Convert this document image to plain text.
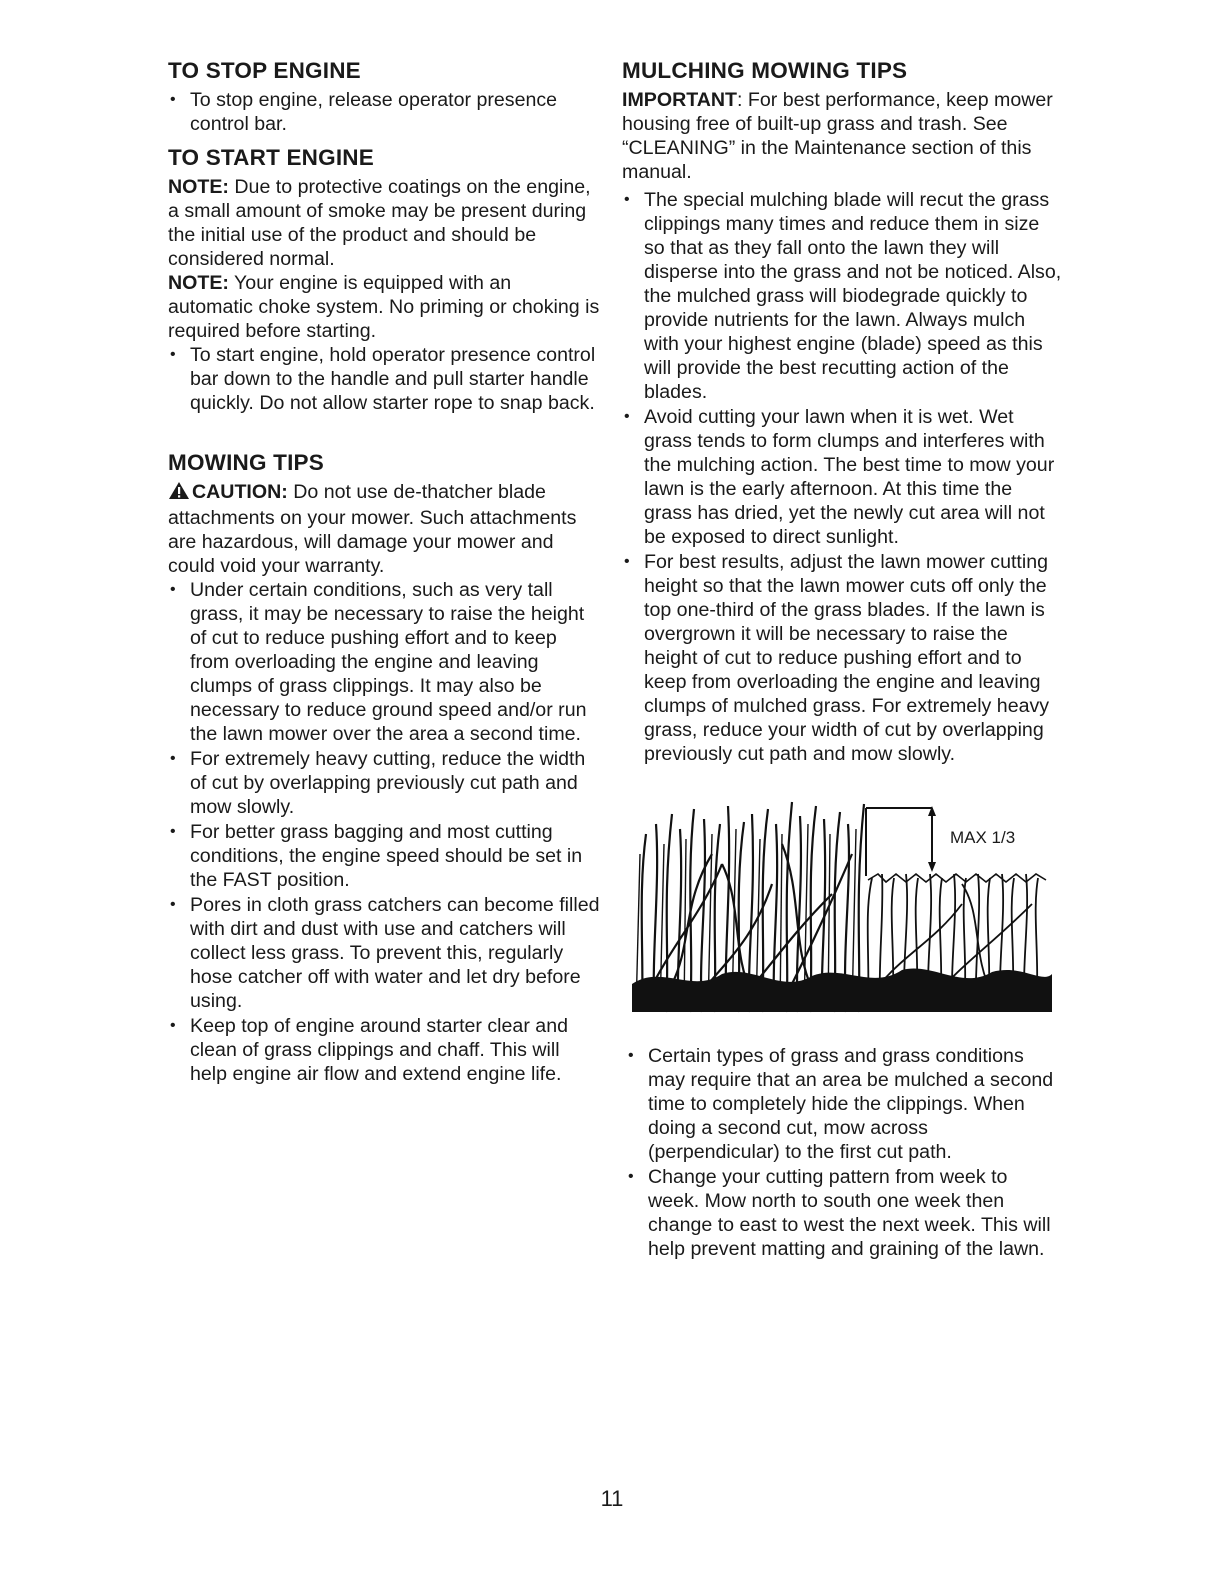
TO STOP ENGINE
• To stop engine, release operator presence control bar.
TO START ENGINE

NOTE: Due to protective coatings on the engine, a small amount of smoke may be present during the initial use of the product and should be considered normal.

NOTE: Your engine is equipped with an automatic choke system. No priming or choking is required before starting.

• To start engine, hold operator presence control bar down to the handle and pull starter handle quickly. Do not allow starter rope to snap back.
MOWING TIPS

CAUTION: Do not use de-thatcher blade attachments on your mower. Such attachments are hazardous, will damage your mower and could void your warranty.

• Under certain conditions, such as very tall grass, it may be necessary to raise the height of cut to reduce pushing effort and to keep from overloading the engine and leaving clumps of grass clippings. It may also be necessary to reduce ground speed and/or run the lawn mower over the area a second time.
• For extremely heavy cutting, reduce the width of cut by overlapping previously cut path and mow slowly.
• For better grass bagging and most cutting conditions, the engine speed should be set in the FAST position.
• Pores in cloth grass catchers can become filled with dirt and dust with use and catchers will collect less grass. To prevent this, regularly hose catcher off with water and let dry before using.
• Keep top of engine around starter clear and clean of grass clippings and chaff. This will help engine air flow and extend engine life.
MULCHING MOWING TIPS

IMPORTANT: For best performance, keep mower housing free of built-up grass and trash. See “CLEANING” in the Maintenance section of this manual.

• The special mulching blade will recut the grass clippings many times and reduce them in size so that as they fall onto the lawn they will disperse into the grass and not be noticed. Also, the mulched grass will biodegrade quickly to provide nutrients for the lawn. Always mulch with your highest engine (blade) speed as this will provide the best recutting action of the blades.
• Avoid cutting your lawn when it is wet. Wet grass tends to form clumps and interferes with the mulching action. The best time to mow your lawn is the early afternoon. At this time the grass has dried, yet the newly cut area will not be exposed to direct sunlight.
• For best results, adjust the lawn mower cutting height so that the lawn mower cuts off only the top one-third of the grass blades. If the lawn is overgrown it will be necessary to raise the height of cut to reduce pushing effort and to keep from overloading the engine and leaving clumps of mulched grass. For extremely heavy grass, reduce your width of cut by overlapping previously cut path and mow slowly.
MAX 1/3
• Certain types of grass and grass conditions may require that an area be mulched a second time to completely hide the clippings. When doing a second cut, mow across (perpendicular) to the first cut path.
• Change your cutting pattern from week to week. Mow north to south one week then change to east to west the next week. This will help prevent matting and graining of the lawn.
11
